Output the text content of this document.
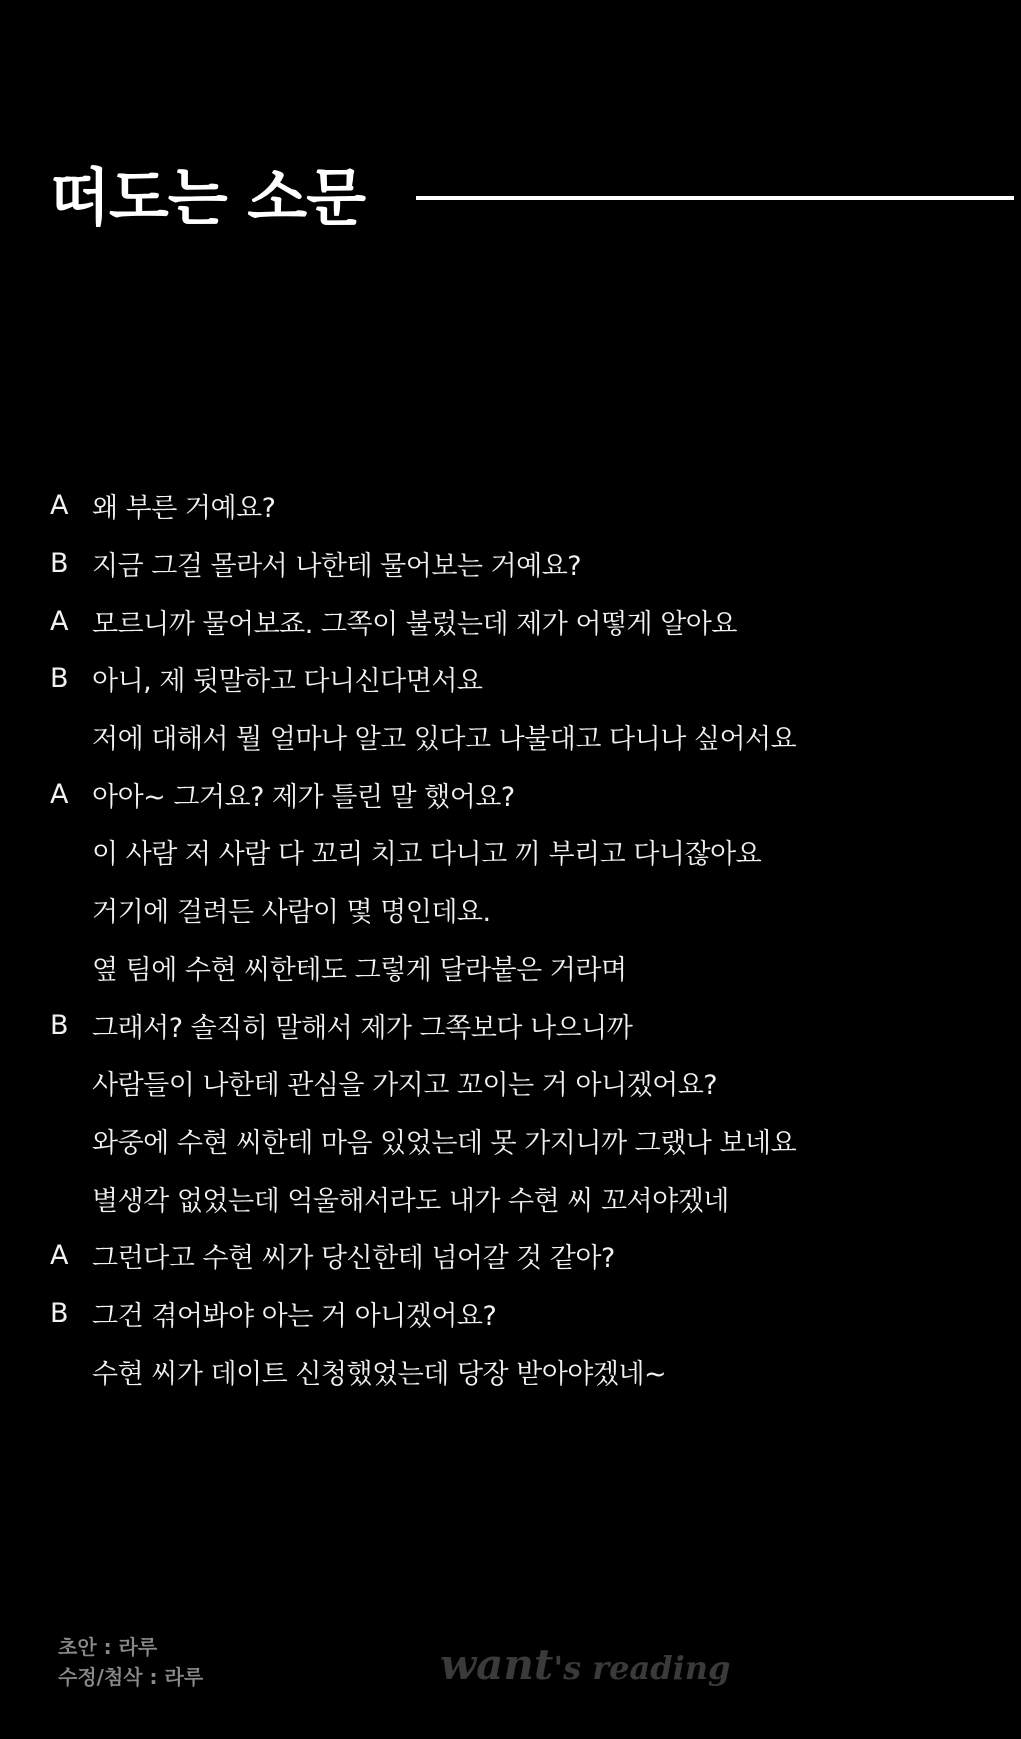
떠도는 소문
A 왜 부른 거예요?
B 지금 그걸 몰라서 나한테 물어보는 거예요?
A 모르니까 물어보죠. 그쪽이 불렀는데 제가 어떻게 알아요
B 아니, 제 뒷말하고 다니신다면서요
저에 대해서 뭘 얼마나 알고 있다고 나불대고 다니나 싶어서요
A 아아~ 그거요? 제가 틀린 말 했어요?
이 사람 저 사람 다 꼬리 치고 다니고 끼 부리고 다니잖아요
거기에 걸려든 사람이 몇 명인데요.
옆 팀에 수현 씨한테도 그렇게 달라붙은 거라며
B 그래서? 솔직히 말해서 제가 그쪽보다 나으니까
사람들이 나한테 관심을 가지고 꼬이는 거 아니겠어요?
와중에 수현 씨한테 마음 있었는데 못 가지니까 그랬나 보네요
별생각 없었는데 억울해서라도 내가 수현 씨 꼬셔야겠네
A 그런다고 수현 씨가 당신한테 넘어갈 것 같아?
B 그건 겪어봐야 아는 거 아니겠어요?
수현 씨가 데이트 신청했었는데 당장 받아야겠네~
초안 : 라루
수정/첨삭 : 라루	want's reading
